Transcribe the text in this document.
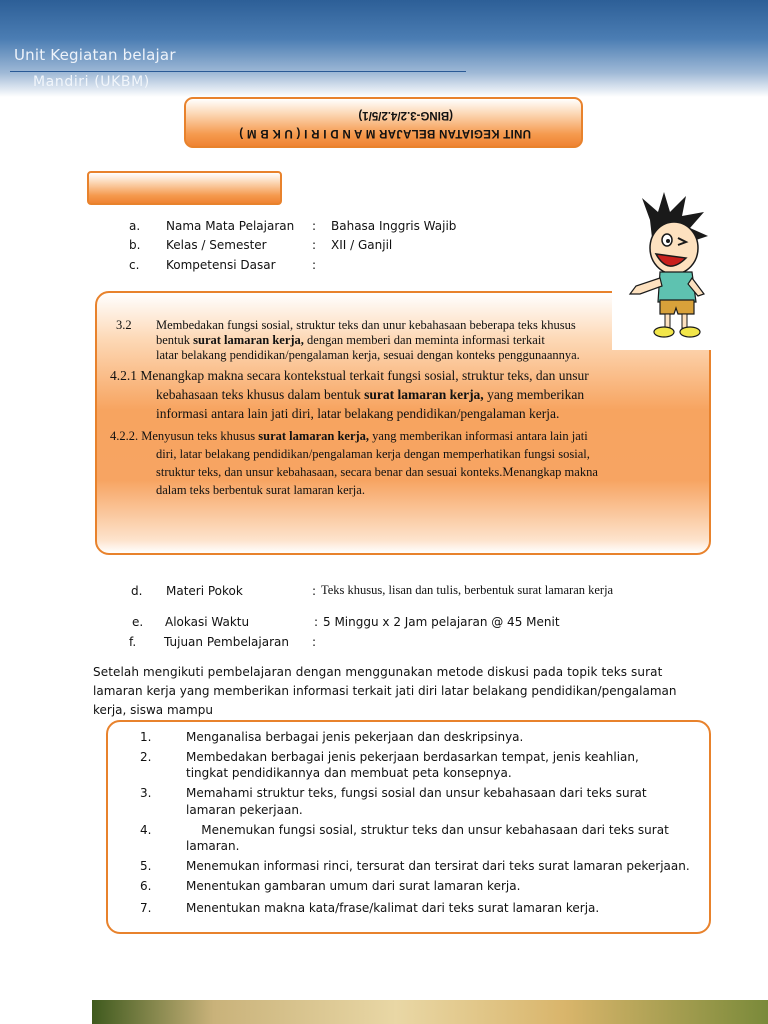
Unit Kegiatan belajar
Mandiri (UKBM)
UNIT KEGIATAN BELAJAR M A N D I R I ( U K B M )
(BING-3.2/4.2/5/1)
a. Nama Mata Pelajaran : Bahasa Inggris Wajib
b. Kelas / Semester	: XII / Ganjil
c. Kompetensi Dasar	:
3.2 Membedakan fungsi sosial, struktur teks dan unur kebahasaan beberapa teks khusus
bentuk surat lamaran kerja, dengan memberi dan meminta informasi terkait
latar belakang pendidikan/pengalaman kerja, sesuai dengan konteks penggunaannya.
4.2.1 Menangkap makna secara kontekstual terkait fungsi sosial, struktur teks, dan unsur
kebahasaan teks khusus dalam bentuk surat lamaran kerja, yang memberikan
informasi antara lain jati diri, latar belakang pendidikan/pengalaman kerja.
4.2.2. Menyusun teks khusus surat lamaran kerja, yang memberikan informasi antara lain jati
diri, latar belakang pendidikan/pengalaman kerja dengan memperhatikan fungsi sosial,
struktur teks, dan unsur kebahasaan, secara benar dan sesuai konteks.Menangkap makna
dalam teks berbentuk surat lamaran kerja.
d. Materi Pokok	: Teks khusus, lisan dan tulis, berbentuk surat lamaran kerja
e. Alokasi Waktu	: 5 Minggu x 2 Jam pelajaran @ 45 Menit
f. Tujuan Pembelajaran :
Setelah mengikuti pembelajaran dengan menggunakan metode diskusi pada topik teks surat
lamaran kerja yang memberikan informasi terkait jati diri latar belakang pendidikan/pengalaman
kerja, siswa mampu
1.	Menganalisa berbagai jenis pekerjaan dan deskripsinya.
2.	Membedakan berbagai jenis pekerjaan berdasarkan tempat, jenis keahlian,
tingkat pendidikannya dan membuat peta konsepnya.
3.	Memahami struktur teks, fungsi sosial dan unsur kebahasaan dari teks surat
lamaran pekerjaan.
4.	Menemukan fungsi sosial, struktur teks dan unsur kebahasaan dari teks surat
lamaran.
5.	Menemukan informasi rinci, tersurat dan tersirat dari teks surat lamaran pekerjaan.
6.	Menentukan gambaran umum dari surat lamaran kerja.
7.	Menentukan makna kata/frase/kalimat dari teks surat lamaran kerja.
